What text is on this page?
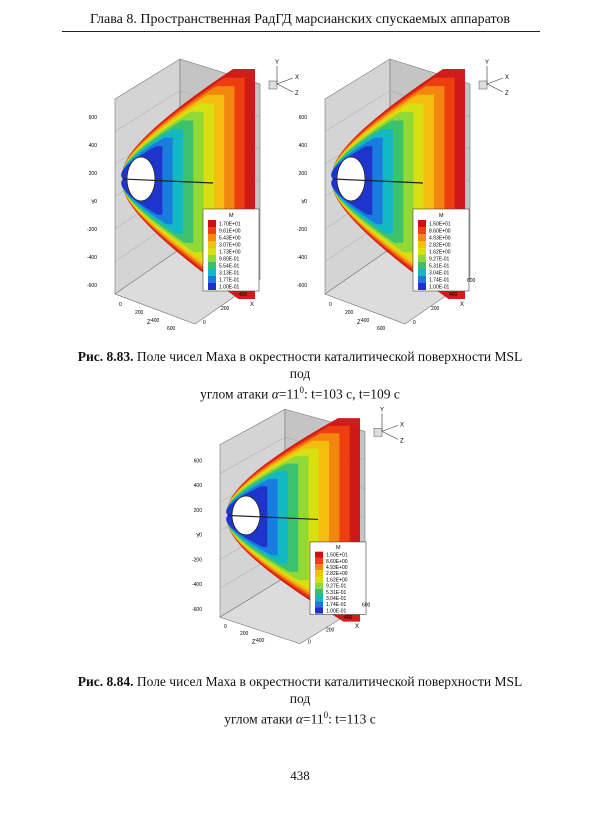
Глава 8. Пространственная РадГД марсианских спускаемых аппаратов
M
1.70E+01
9.61E+00
5.43E+00
3.07E+00
1.73E+00
9.80E-01
5.54E-01
3.13E-01
1.77E-01
1.00E-01
600
400
200
0
-200
-400
-600
Y
0
200
400
600
Z	0
200
400
X
Y
X
Z
M
1.50E+01
8.60E+00
4.93E+00
2.82E+00
1.62E+00
9.27E-01
5.31E-01
3.04E-01
1.74E-01
1.00E-01
600
400
200
0
-200
-400
-600
Y
0
200
400
600
Z	0
200
400
600
X
Y
X
Z
Рис. 8.83. Поле чисел Маха в окрестности каталитической поверхности MSL под
углом атаки $\alpha=11^0$: t=103 с, t=109 с
M
1.50E+01
8.60E+00
4.93E+00
2.82E+00
1.62E+00
9.27E-01
5.31E-01
3.04E-01
1.74E-01
1.00E-01
600
400
200
0
-200
-400
-600
Y
0
200
400
Z	0
200
400
600
X
Y
X
Z
Рис. 8.84. Поле чисел Маха в окрестности каталитической поверхности MSL под
углом атаки $\alpha=11^0$: t=113 с
438
